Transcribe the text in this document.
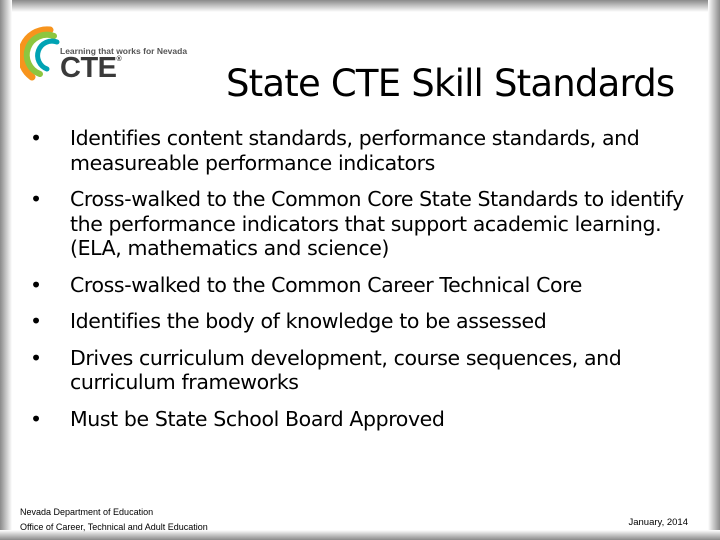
Learning that works for Nevada
CTE®
State CTE Skill Standards
• Identifies content standards, performance standards, and measureable performance indicators
• Cross-walked to the Common Core State Standards to identify the performance indicators that support academic learning. (ELA, mathematics and science)
• Cross-walked to the Common Career Technical Core
• Identifies the body of knowledge to be assessed
• Drives curriculum development, course sequences, and curriculum frameworks
• Must be State School Board Approved
Nevada Department of Education
Office of Career, Technical and Adult Education	January, 2014
